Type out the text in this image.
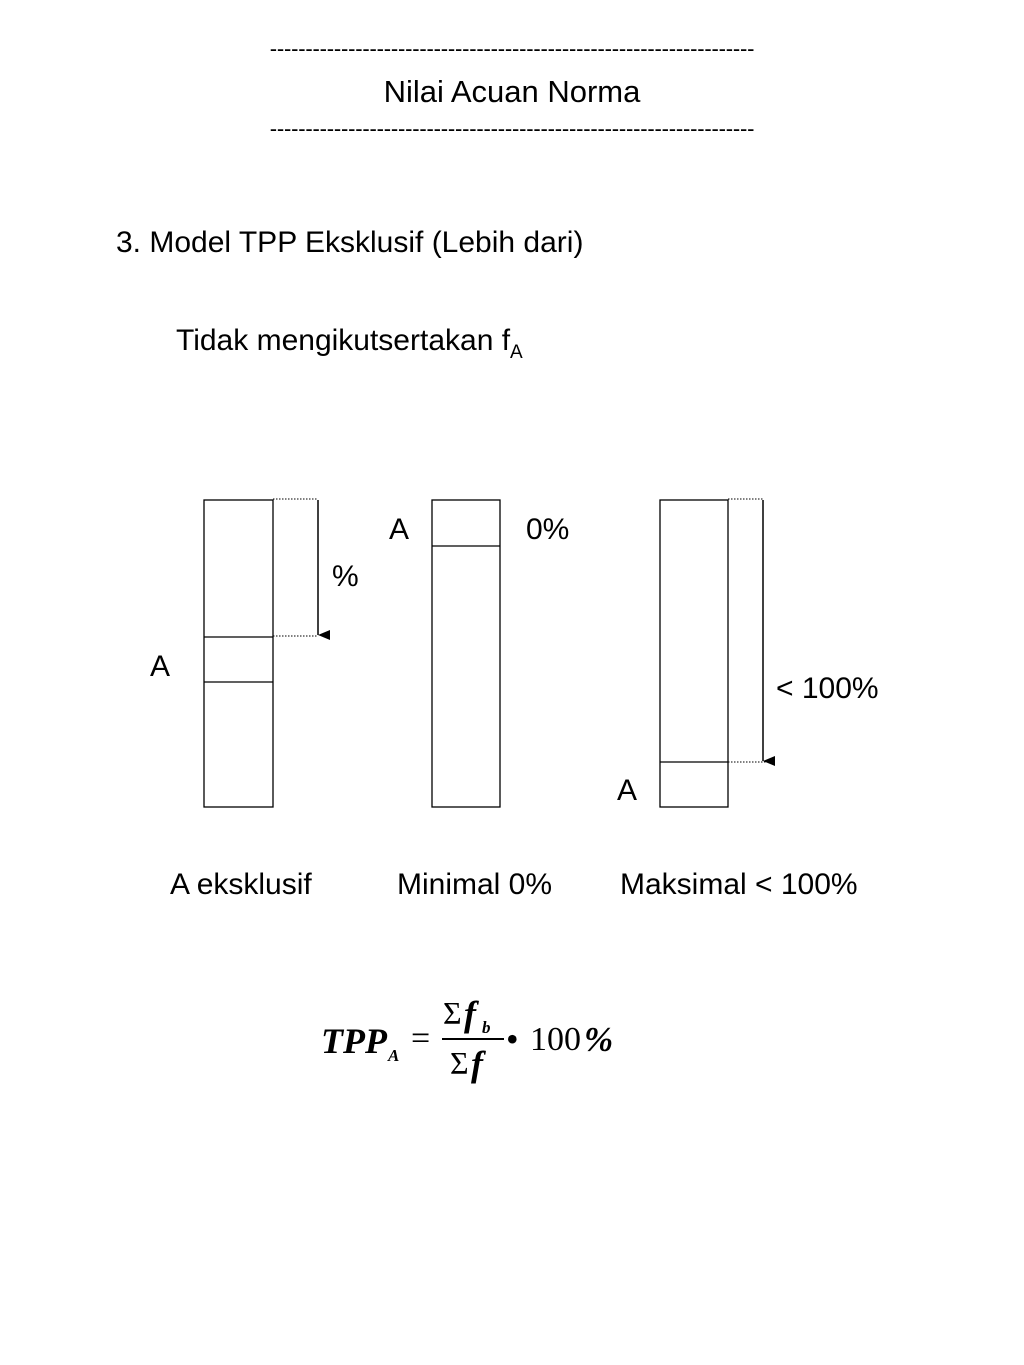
--------------------------------------------------------------------
Nilai Acuan Norma
--------------------------------------------------------------------
3. Model TPP Eksklusif (Lebih dari)
Tidak mengikutsertakan $f_A$
A
%
A	0%
A
< 100%
A eksklusif	Minimal 0% Maksimal < 100%
TPP A =
Σ f b
Σ f
• 100 %
